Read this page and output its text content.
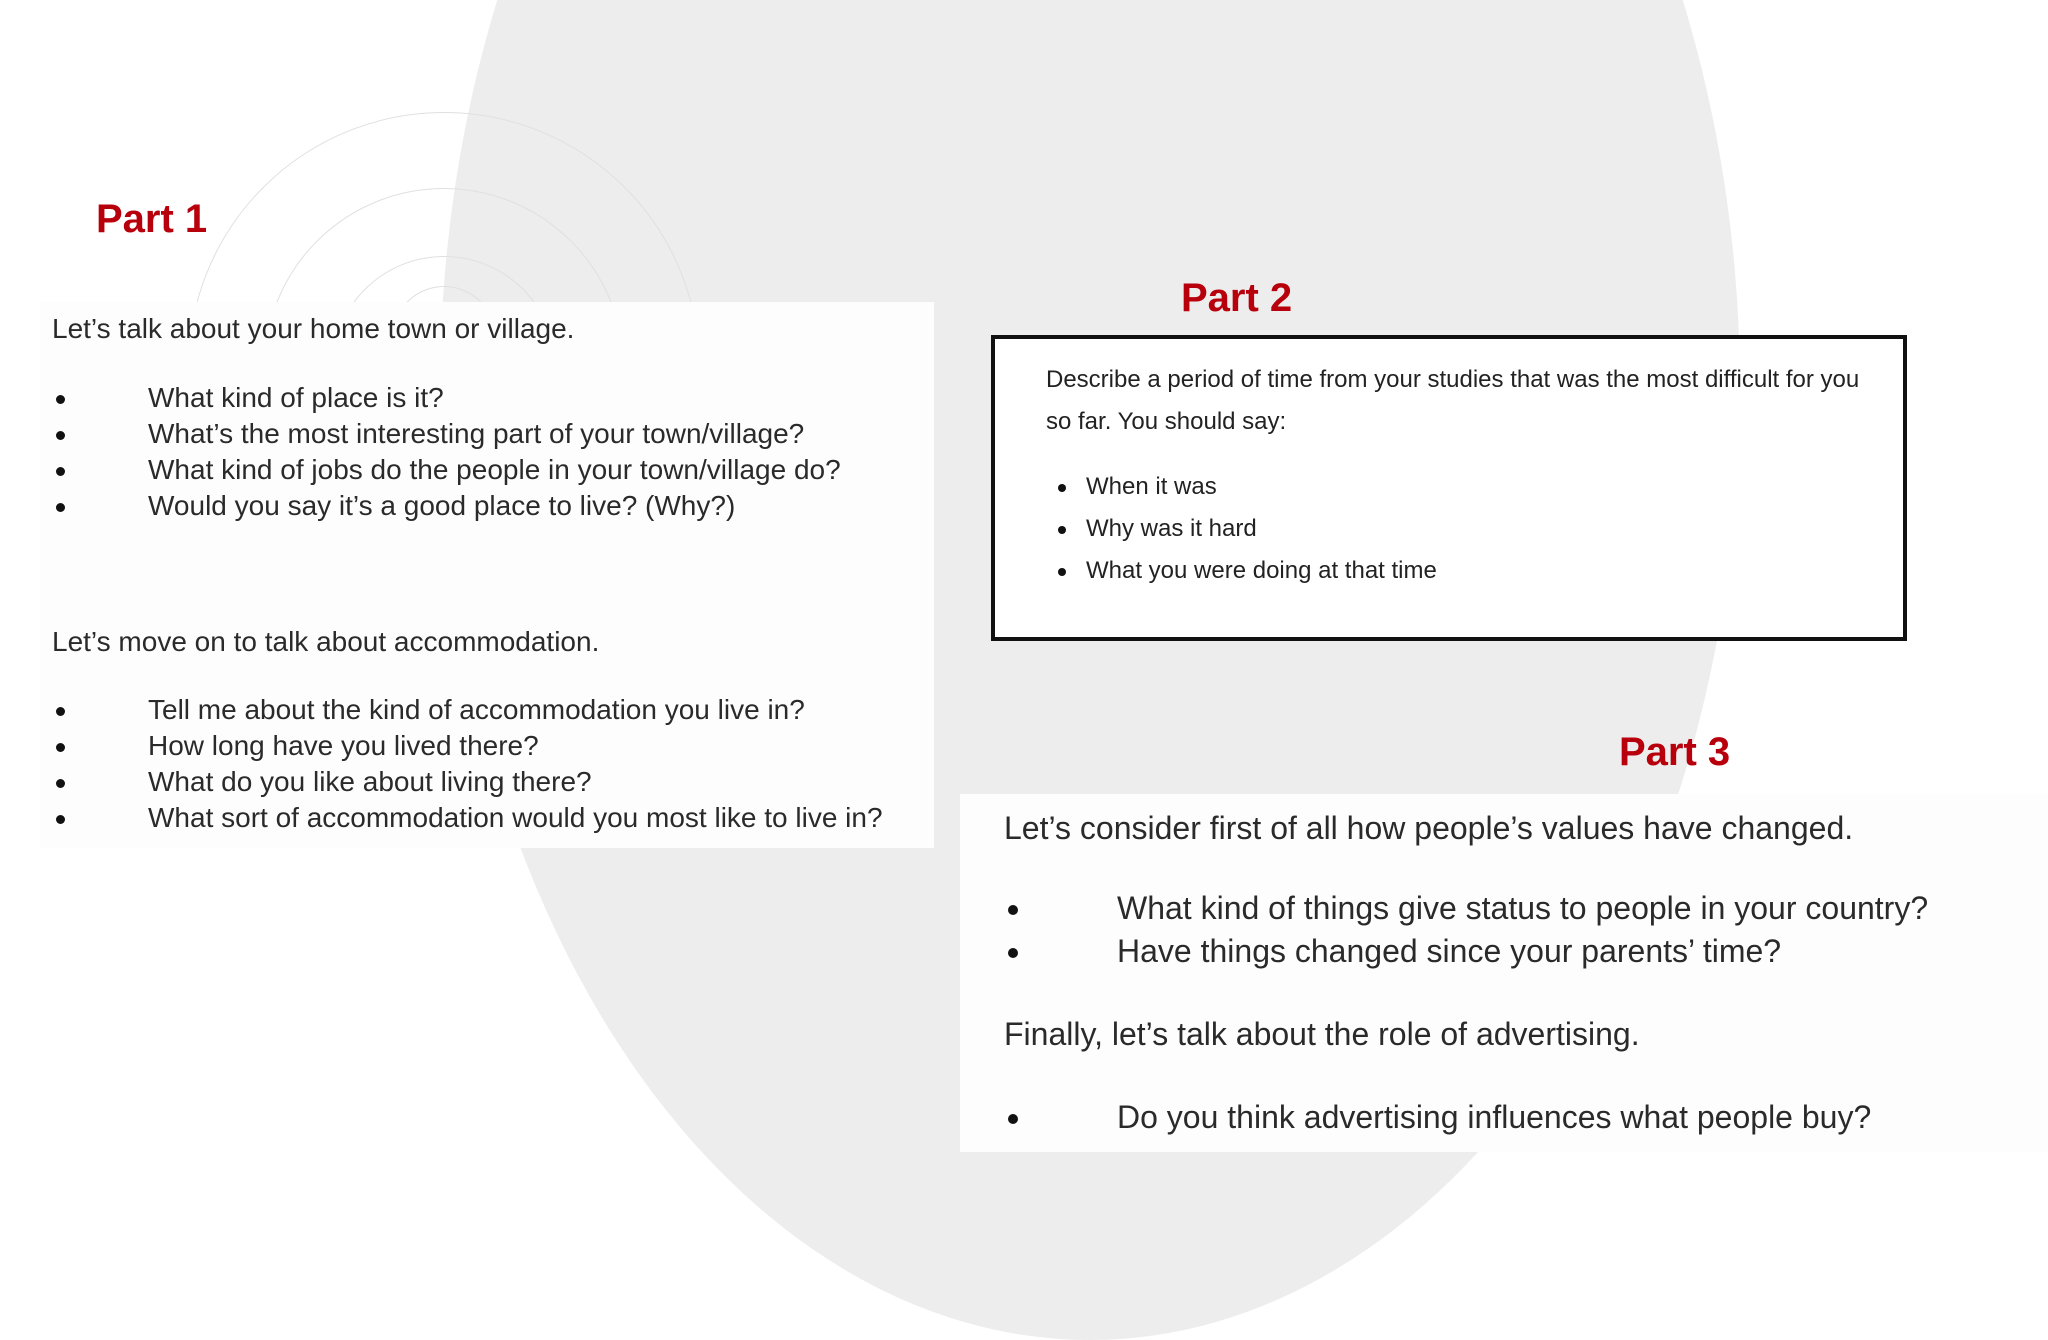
Part 1

Let’s talk about your home town or village.

What kind of place is it?
What’s the most interesting part of your town/village?
What kind of jobs do the people in your town/village do?
Would you say it’s a good place to live? (Why?)

Let’s move on to talk about accommodation.

Tell me about the kind of accommodation you live in?
How long have you lived there?
What do you like about living there?
What sort of accommodation would you most like to live in?
Part 2

Describe a period of time from your studies that was the most difficult for you so far. You should say:

When it was
Why was it hard
What you were doing at that time
Part 3

Let’s consider first of all how people’s values have changed.

What kind of things give status to people in your country?
Have things changed since your parents’ time?

Finally, let’s talk about the role of advertising.

Do you think advertising influences what people buy?
